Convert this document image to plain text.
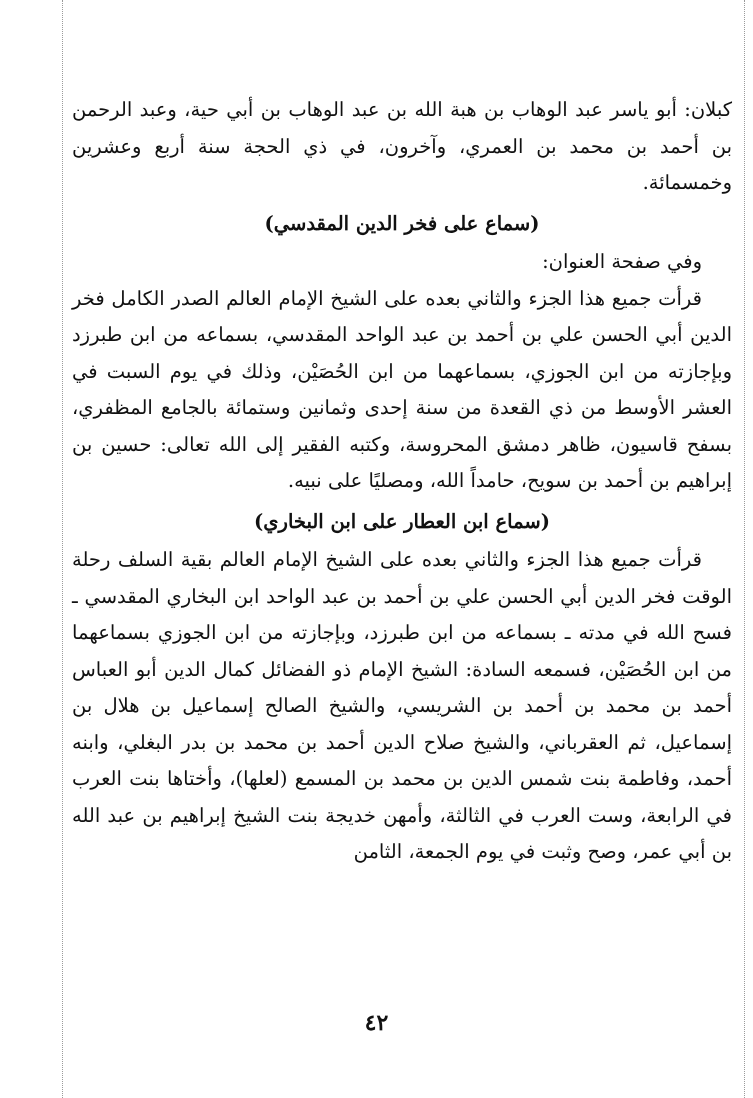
كبلان: أبو ياسر عبد الوهاب بن هبة الله بن عبد الوهاب بن أبي حية، وعبد الرحمن بن أحمد بن محمد بن العمري، وآخرون، في ذي الحجة سنة أربع وعشرين وخمسمائة.

(سماع على فخر الدين المقدسي)

وفي صفحة العنوان:

قرأت جميع هذا الجزء والثاني بعده على الشيخ الإمام العالم الصدر الكامل فخر الدين أبي الحسن علي بن أحمد بن عبد الواحد المقدسي، بسماعه من ابن طبرزد وبإجازته من ابن الجوزي، بسماعهما من ابن الحُصَيْن، وذلك في يوم السبت في العشر الأوسط من ذي القعدة من سنة إحدى وثمانين وستمائة بالجامع المظفري، بسفح قاسيون، ظاهر دمشق المحروسة، وكتبه الفقير إلى الله تعالى: حسين بن إبراهيم بن أحمد بن سويح، حامداً الله، ومصليًا على نبيه.

(سماع ابن العطار على ابن البخاري)

قرأت جميع هذا الجزء والثاني بعده على الشيخ الإمام العالم بقية السلف رحلة الوقت فخر الدين أبي الحسن علي بن أحمد بن عبد الواحد ابن البخاري المقدسي ـ فسح الله في مدته ـ بسماعه من ابن طبرزد، وبإجازته من ابن الجوزي بسماعهما من ابن الحُصَيْن، فسمعه السادة: الشيخ الإمام ذو الفضائل كمال الدين أبو العباس أحمد بن محمد بن أحمد بن الشريسي، والشيخ الصالح إسماعيل بن هلال بن إسماعيل، ثم العقرباني، والشيخ صلاح الدين أحمد بن محمد بن بدر البغلي، وابنه أحمد، وفاطمة بنت شمس الدين بن محمد بن المسمع (لعلها)، وأختاها بنت العرب في الرابعة، وست العرب في الثالثة، وأمهن خديجة بنت الشيخ إبراهيم بن عبد الله بن أبي عمر، وصح وثبت في يوم الجمعة، الثامن

٤٢
